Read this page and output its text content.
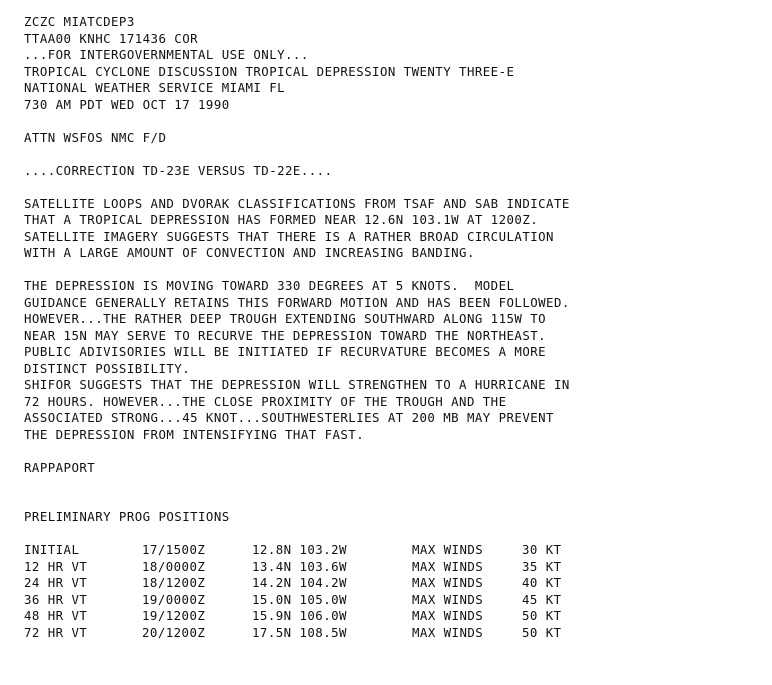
ZCZC MIATCDEP3
TTAA00 KNHC 171436 COR
...FOR INTERGOVERNMENTAL USE ONLY...
TROPICAL CYCLONE DISCUSSION TROPICAL DEPRESSION TWENTY THREE-E
NATIONAL WEATHER SERVICE MIAMI FL
730 AM PDT WED OCT 17 1990
ATTN WSFOS NMC F/D
....CORRECTION TD-23E VERSUS TD-22E....
SATELLITE LOOPS AND DVORAK CLASSIFICATIONS FROM TSAF AND SAB INDICATE
THAT A TROPICAL DEPRESSION HAS FORMED NEAR 12.6N 103.1W AT 1200Z.
SATELLITE IMAGERY SUGGESTS THAT THERE IS A RATHER BROAD CIRCULATION
WITH A LARGE AMOUNT OF CONVECTION AND INCREASING BANDING.
THE DEPRESSION IS MOVING TOWARD 330 DEGREES AT 5 KNOTS.  MODEL
GUIDANCE GENERALLY RETAINS THIS FORWARD MOTION AND HAS BEEN FOLLOWED.
HOWEVER...THE RATHER DEEP TROUGH EXTENDING SOUTHWARD ALONG 115W TO
NEAR 15N MAY SERVE TO RECURVE THE DEPRESSION TOWARD THE NORTHEAST.
PUBLIC ADIVISORIES WILL BE INITIATED IF RECURVATURE BECOMES A MORE
DISTINCT POSSIBILITY.
SHIFOR SUGGESTS THAT THE DEPRESSION WILL STRENGTHEN TO A HURRICANE IN
72 HOURS. HOWEVER...THE CLOSE PROXIMITY OF THE TROUGH AND THE
ASSOCIATED STRONG...45 KNOT...SOUTHWESTERLIES AT 200 MB MAY PREVENT
THE DEPRESSION FROM INTENSIFYING THAT FAST.
RAPPAPORT
PRELIMINARY PROG POSITIONS
INITIAL	17/1500Z	12.8N 103.2W	MAX WINDS	30 KT
12 HR VT	18/0000Z	13.4N 103.6W	MAX WINDS	35 KT
24 HR VT	18/1200Z	14.2N 104.2W	MAX WINDS	40 KT
36 HR VT	19/0000Z	15.0N 105.0W	MAX WINDS	45 KT
48 HR VT	19/1200Z	15.9N 106.0W	MAX WINDS	50 KT
72 HR VT	20/1200Z	17.5N 108.5W	MAX WINDS	50 KT
